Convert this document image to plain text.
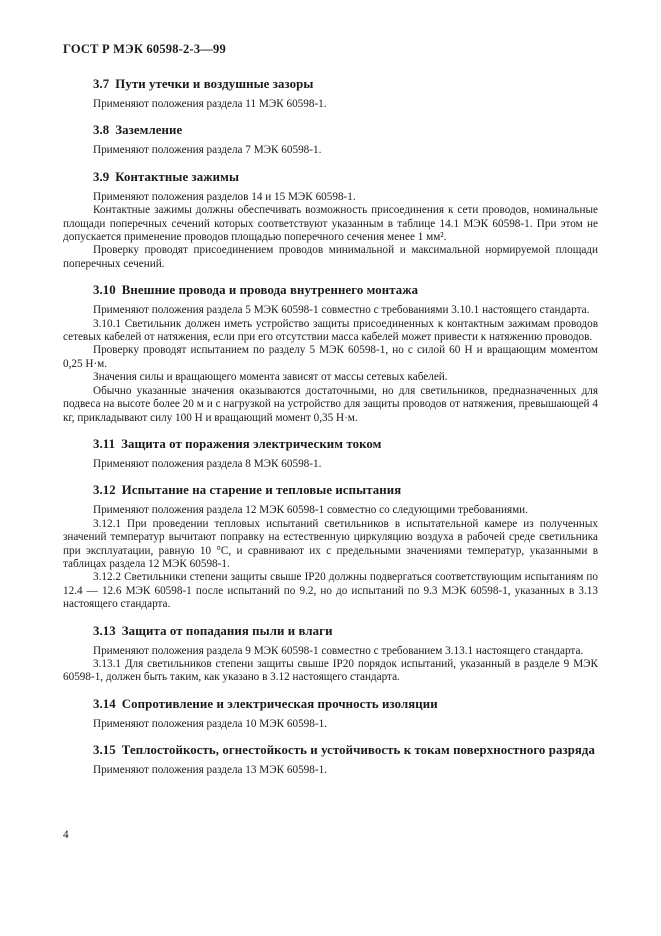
ГОСТ Р МЭК 60598-2-3—99
3.7 Пути утечки и воздушные зазоры

Применяют положения раздела 11 МЭК 60598-1.

3.8 Заземление

Применяют положения раздела 7 МЭК 60598-1.

3.9 Контактные зажимы

Применяют положения разделов 14 и 15 МЭК 60598-1.

Контактные зажимы должны обеспечивать возможность присоединения к сети проводов, номинальные площади поперечных сечений которых соответствуют указанным в таблице 14.1 МЭК 60598-1. При этом не допускается применение проводов площадью поперечного сечения менее 1 мм².

Проверку проводят присоединением проводов минимальной и максимальной нормируемой площади поперечных сечений.

3.10 Внешние провода и провода внутреннего монтажа

Применяют положения раздела 5 МЭК 60598-1 совместно с требованиями 3.10.1 настоящего стандарта.

3.10.1 Светильник должен иметь устройство защиты присоединенных к контактным зажимам проводов сетевых кабелей от натяжения, если при его отсутствии масса кабелей может привести к натяжению проводов.

Проверку проводят испытанием по разделу 5 МЭК 60598-1, но с силой 60 Н и вращающим моментом 0,25 Н·м.

Значения силы и вращающего момента зависят от массы сетевых кабелей.

Обычно указанные значения оказываются достаточными, но для светильников, предназначенных для подвеса на высоте более 20 м и с нагрузкой на устройство для защиты проводов от натяжения, превышающей 4 кг, прикладывают силу 100 Н и вращающий момент 0,35 Н·м.

3.11 Защита от поражения электрическим током

Применяют положения раздела 8 МЭК 60598-1.

3.12 Испытание на старение и тепловые испытания

Применяют положения раздела 12 МЭК 60598-1 совместно со следующими требованиями.

3.12.1 При проведении тепловых испытаний светильников в испытательной камере из полученных значений температур вычитают поправку на естественную циркуляцию воздуха в рабочей среде светильника при эксплуатации, равную 10 °С, и сравнивают их с предельными значениями температур, указанными в таблицах раздела 12 МЭК 60598-1.

3.12.2 Светильники степени защиты свыше IP20 должны подвергаться соответствующим испытаниям по 12.4 — 12.6 МЭК 60598-1 после испытаний по 9.2, но до испытаний по 9.3 МЭК 60598-1, указанных в 3.13 настоящего стандарта.

3.13 Защита от попадания пыли и влаги

Применяют положения раздела 9 МЭК 60598-1 совместно с требованием 3.13.1 настоящего стандарта.

3.13.1 Для светильников степени защиты свыше IP20 порядок испытаний, указанный в разделе 9 МЭК 60598-1, должен быть таким, как указано в 3.12 настоящего стандарта.

3.14 Сопротивление и электрическая прочность изоляции

Применяют положения раздела 10 МЭК 60598-1.

3.15 Теплостойкость, огнестойкость и устойчивость к токам поверхностного разряда

Применяют положения раздела 13 МЭК 60598-1.

4
